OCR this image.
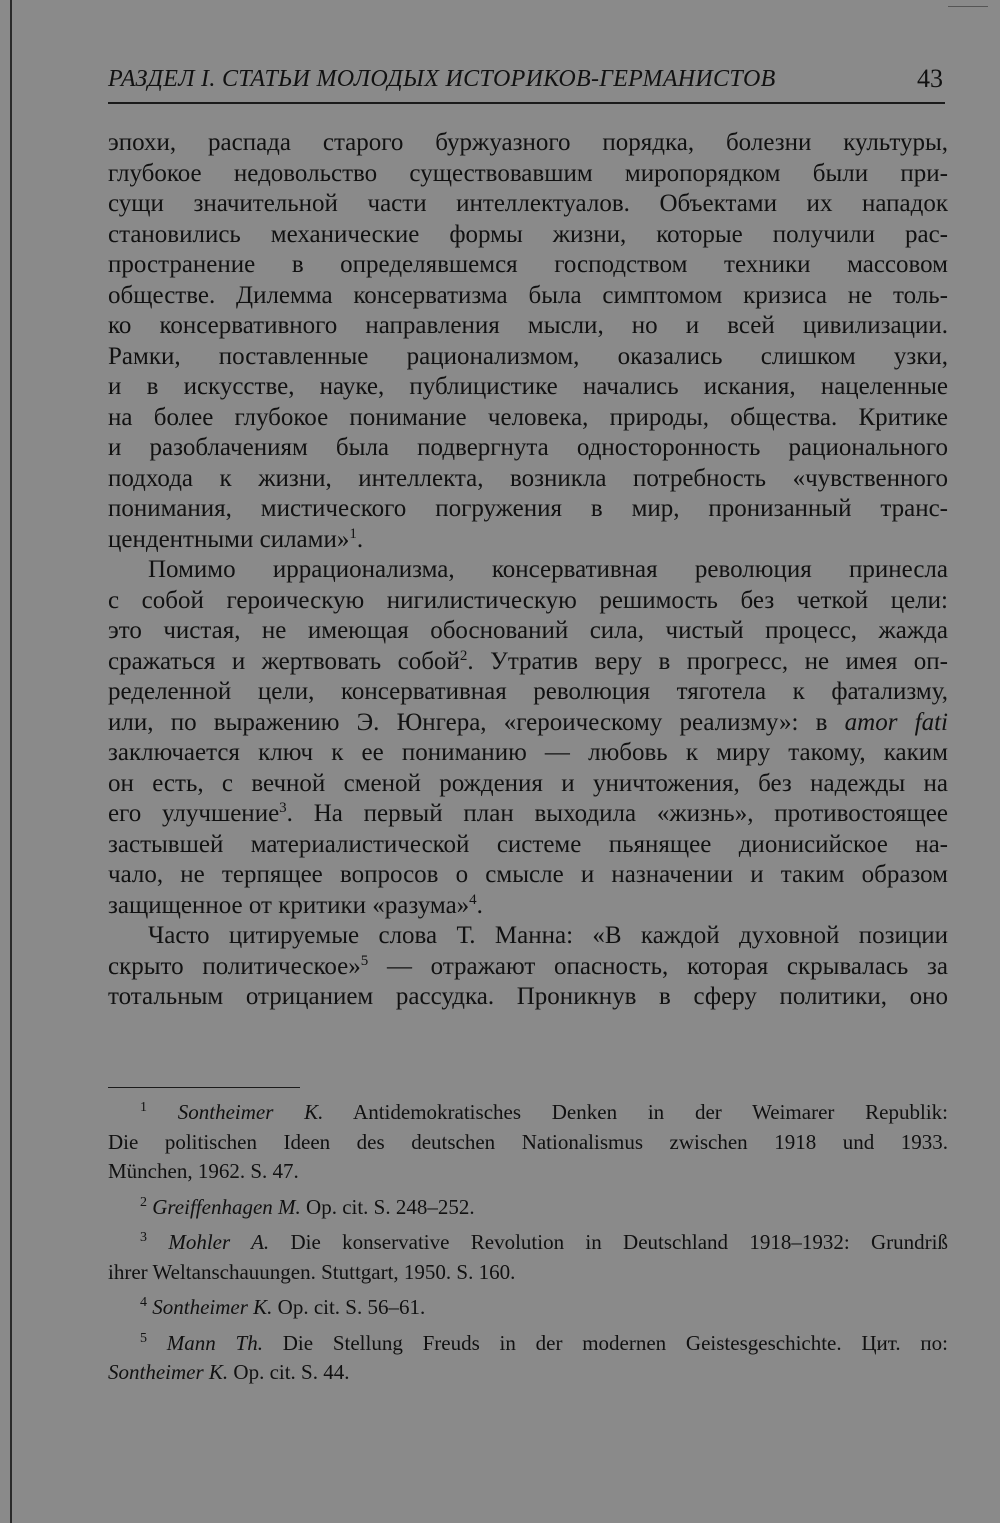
РАЗДЕЛ I. СТАТЬИ МОЛОДЫХ ИСТОРИКОВ-ГЕРМАНИСТОВ	43
эпохи, распада старого буржуазного порядка, болезни культуры,
глубокое недовольство существовавшим миропорядком были при-
сущи значительной части интеллектуалов. Объектами их нападок
становились механические формы жизни, которые получили рас-
пространение в определявшемся господством техники массовом
обществе. Дилемма консерватизма была симптомом кризиса не толь-
ко консервативного направления мысли, но и всей цивилизации.
Рамки, поставленные рационализмом, оказались слишком узки,
и в искусстве, науке, публицистике начались искания, нацеленные
на более глубокое понимание человека, природы, общества. Критике
и разоблачениям была подвергнута односторонность рационального
подхода к жизни, интеллекта, возникла потребность «чувственного
понимания, мистического погружения в мир, пронизанный транс-
цендентными силами»$^1$.
Помимо иррационализма, консервативная революция принесла
с собой героическую нигилистическую решимость без четкой цели:
это чистая, не имеющая обоснований сила, чистый процесс, жажда
сражаться и жертвовать собой$^2$. Утратив веру в прогресс, не имея оп-
ределенной цели, консервативная революция тяготела к фатализму,
или, по выражению Э. Юнгера, «героическому реализму»: в amor fati
заключается ключ к ее пониманию — любовь к миру такому, каким
он есть, с вечной сменой рождения и уничтожения, без надежды на
его улучшение$^3$. На первый план выходила «жизнь», противостоящее
застывшей материалистической системе пьянящее дионисийское на-
чало, не терпящее вопросов о смысле и назначении и таким образом
защищенное от критики «разума»$^4$.
Часто цитируемые слова Т. Манна: «В каждой духовной позиции
скрыто политическое»$^5$ — отражают опасность, которая скрывалась за
тотальным отрицанием рассудка. Проникнув в сферу политики, оно
$^1$ Sontheimer K. Antidemokratisches Denken in der Weimarer Republik:
Die politischen Ideen des deutschen Nationalismus zwischen 1918 und 1933.
München, 1962. S. 47.
$^2$ Greiffenhagen M. Op. cit. S. 248–252.
$^3$ Mohler A. Die konservative Revolution in Deutschland 1918–1932: Grundriß
ihrer Weltanschauungen. Stuttgart, 1950. S. 160.
$^4$ Sontheimer K. Op. cit. S. 56–61.
$^5$ Mann Th. Die Stellung Freuds in der modernen Geistesgeschichte. Цит. по:
Sontheimer K. Op. cit. S. 44.
